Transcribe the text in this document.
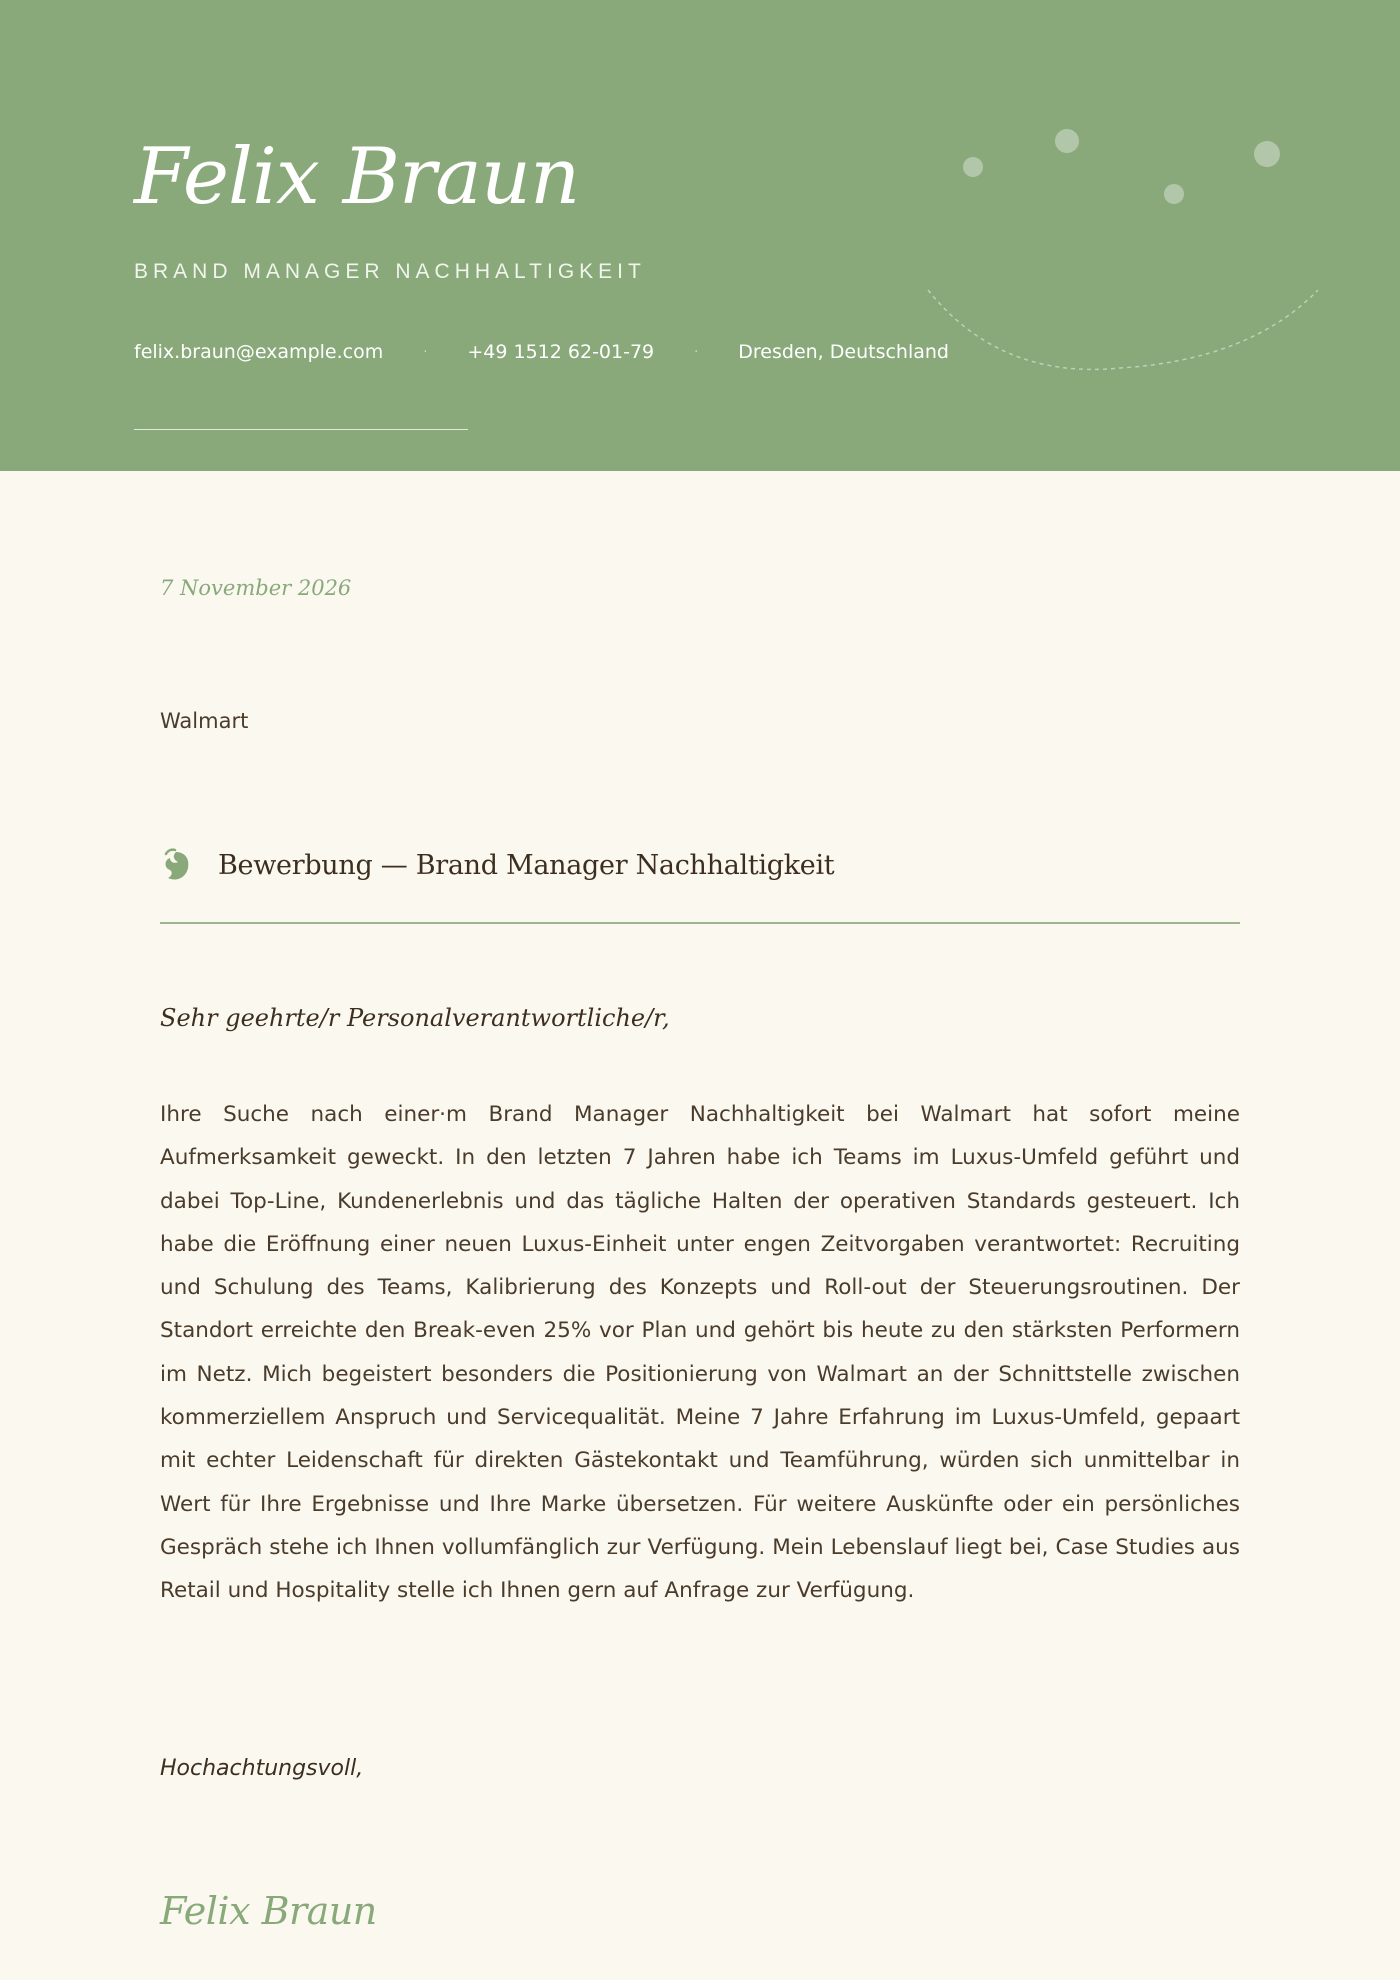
Felix Braun
BRAND MANAGER NACHHALTIGKEIT
felix.braun@example.com	·	+49 1512 62-01-79	·	Dresden, Deutschland
7 November 2026
Walmart
Bewerbung — Brand Manager Nachhaltigkeit
Sehr geehrte/r Personalverantwortliche/r,

Ihre Suche nach einer·m Brand Manager Nachhaltigkeit bei Walmart hat sofort meine Aufmerksamkeit geweckt. In den letzten 7 Jahren habe ich Teams im Luxus-Umfeld geführt und dabei Top-Line, Kundenerlebnis und das tägliche Halten der operativen Standards gesteuert. Ich habe die Eröffnung einer neuen Luxus-Einheit unter engen Zeitvorgaben verantwortet: Recruiting und Schulung des Teams, Kalibrierung des Konzepts und Roll-out der Steuerungsroutinen. Der Standort erreichte den Break-even 25% vor Plan und gehört bis heute zu den stärksten Performern im Netz. Mich begeistert besonders die Positionierung von Walmart an der Schnittstelle zwischen kommerziellem Anspruch und Servicequalität. Meine 7 Jahre Erfahrung im Luxus-Umfeld, gepaart mit echter Leidenschaft für direkten Gästekontakt und Teamführung, würden sich unmittelbar in Wert für Ihre Ergebnisse und Ihre Marke übersetzen. Für weitere Auskünfte oder ein persönliches Gespräch stehe ich Ihnen vollumfänglich zur Verfügung. Mein Lebenslauf liegt bei, Case Studies aus Retail und Hospitality stelle ich Ihnen gern auf Anfrage zur Verfügung.

Hochachtungsvoll,
Felix Braun
